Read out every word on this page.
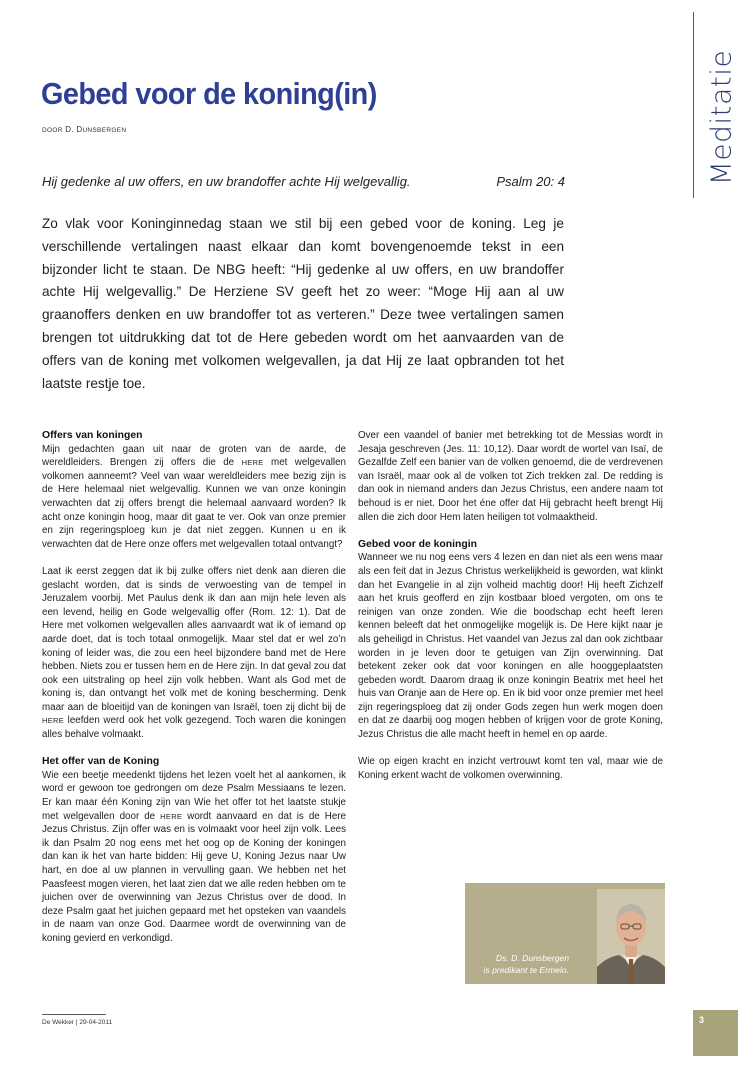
Meditatie
Gebed voor de koning(in)
DOOR D. DUNSBERGEN
Hij gedenke al uw offers, en uw brandoffer achte Hij welgevallig.	Psalm 20: 4

Zo vlak voor Koninginnedag staan we stil bij een gebed voor de koning. Leg je verschillende vertalingen naast elkaar dan komt bovengenoemde tekst in een bijzonder licht te staan. De NBG heeft: “Hij gedenke al uw offers, en uw brandoffer achte Hij welgevallig.” De Herziene SV geeft het zo weer: “Moge Hij aan al uw graanoffers denken en uw brandoffer tot as verteren.” Deze twee vertalingen samen brengen tot uitdrukking dat tot de Here gebeden wordt om het aanvaarden van de offers van de koning met volkomen welgevallen, ja dat Hij ze laat opbranden tot het laatste restje toe.

Offers van koningen

Mijn gedachten gaan uit naar de groten van de aarde, de wereldleiders. Brengen zij offers die de HERE met welgevallen volkomen aanneemt? Veel van waar wereldleiders mee bezig zijn is de Here helemaal niet welgevallig. Kunnen we van onze koningin verwachten dat zij offers brengt die helemaal aanvaard worden? Ik acht onze koningin hoog, maar dit gaat te ver. Ook van onze premier en zijn regeringsploeg kun je dat niet zeggen. Kunnen u en ik verwachten dat de Here onze offers met welgevallen totaal ontvangt?

Laat ik eerst zeggen dat ik bij zulke offers niet denk aan dieren die geslacht worden, dat is sinds de verwoesting van de tempel in Jeruzalem voorbij. Met Paulus denk ik dan aan mijn hele leven als een levend, heilig en Gode welgevallig offer (Rom. 12: 1). Dat de Here met volkomen welgevallen alles aanvaardt wat ik of iemand op aarde doet, dat is toch totaal onmogelijk. Maar stel dat er wel zo’n koning of leider was, die zou een heel bijzondere band met de Here hebben. Niets zou er tussen hem en de Here zijn. In dat geval zou dat ook een uitstraling op heel zijn volk hebben. Want als God met de koning is, dan ontvangt het volk met de koning bescherming. Denk maar aan de bloeitijd van de koningen van Israël, toen zij dicht bij de HERE leefden werd ook het volk gezegend. Toch waren die koningen alles behalve volmaakt.

Het offer van de Koning

Wie een beetje meedenkt tijdens het lezen voelt het al aankomen, ik word er gewoon toe gedrongen om deze Psalm Messiaans te lezen. Er kan maar één Koning zijn van Wie het offer tot het laatste stukje met welgevallen door de HERE wordt aanvaard en dat is de Here Jezus Christus. Zijn offer was en is volmaakt voor heel zijn volk. Lees ik dan Psalm 20 nog eens met het oog op de Koning der koningen dan kan ik het van harte bidden: Hij geve U, Koning Jezus naar Uw hart, en doe al uw plannen in vervulling gaan. We hebben net het Paasfeest mogen vieren, het laat zien dat we alle reden hebben om te juichen over de overwinning van Jezus Christus over de dood. In deze Psalm gaat het juichen gepaard met het opsteken van vaandels in de naam van onze God. Daarmee wordt de overwinning van de koning gevierd en verkondigd.

Over een vaandel of banier met betrekking tot de Messias wordt in Jesaja geschreven (Jes. 11: 10,12). Daar wordt de wortel van Isaï, de Gezalfde Zelf een banier van de volken genoemd, die de verdrevenen van Israël, maar ook al de volken tot Zich trekken zal. De redding is dan ook in niemand anders dan Jezus Christus, een andere naam tot behoud is er niet. Door het éne offer dat Hij gebracht heeft brengt Hij allen die zich door Hem laten heiligen tot volmaaktheid.

Gebed voor de koningin

Wanneer we nu nog eens vers 4 lezen en dan niet als een wens maar als een feit dat in Jezus Christus werkelijkheid is geworden, wat klinkt dan het Evangelie in al zijn volheid machtig door! Hij heeft Zichzelf aan het kruis geofferd en zijn kostbaar bloed vergoten, om ons te reinigen van onze zonden. Wie die boodschap echt heeft leren kennen beleeft dat het onmogelijke mogelijk is. De Here kijkt naar je als geheiligd in Christus. Het vaandel van Jezus zal dan ook zichtbaar worden in je leven door te getuigen van Zijn overwinning. Dat betekent zeker ook dat voor koningen en alle hooggeplaatsten gebeden wordt. Daarom draag ik onze koningin Beatrix met heel het huis van Oranje aan de Here op. En ik bid voor onze premier met heel zijn regeringsploeg dat zij onder Gods zegen hun werk mogen doen en dat ze daarbij oog mogen hebben of krijgen voor de grote Koning, Jezus Christus die alle macht heeft in hemel en op aarde.

Wie op eigen kracht en inzicht vertrouwt komt ten val, maar wie de Koning erkent wacht de volkomen overwinning.

Ds. D. Dunsbergen
is predikant te Ermelo.
De Wekker | 29-04-2011	3
